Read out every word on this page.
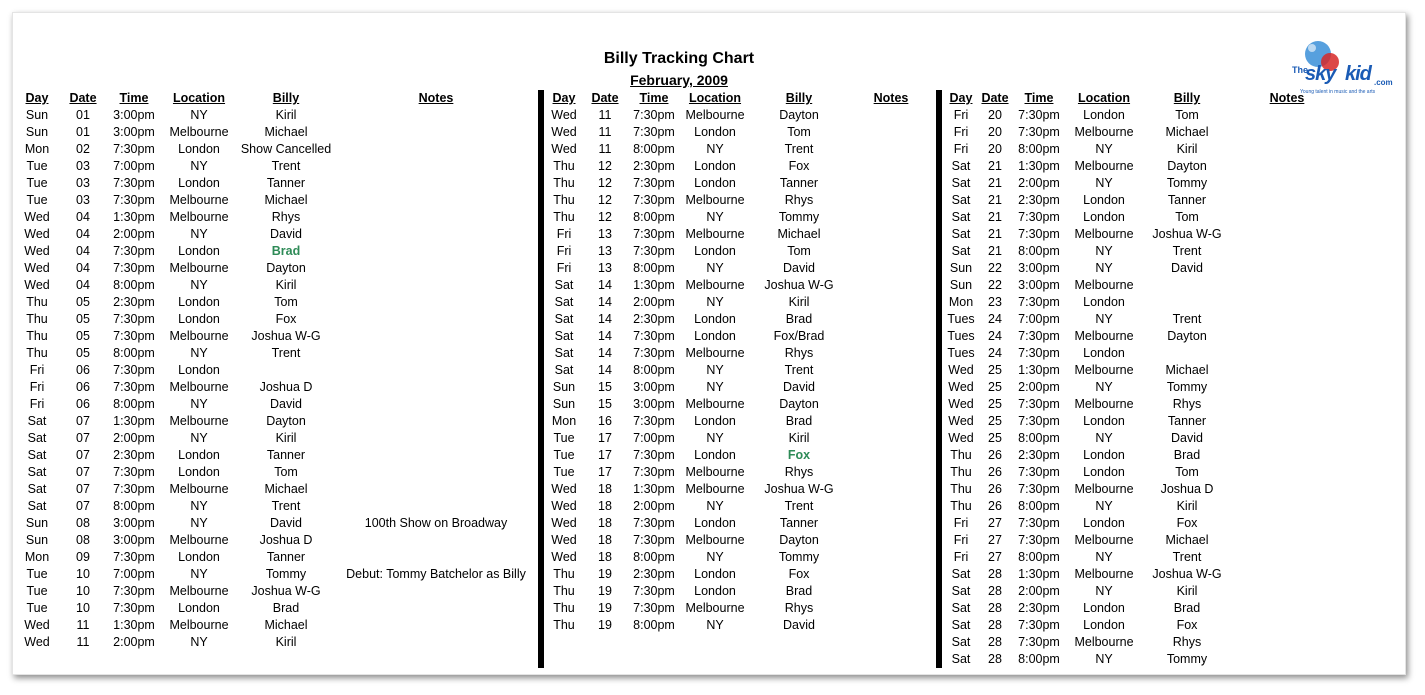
Billy Tracking Chart
February, 2009
The
sky kid .com
Young talent in music and the arts
Day	Date	Time	Location	Billy	Notes
Sun	01	3:00pm	NY	Kiril
Sun	01	3:00pm	Melbourne	Michael
Mon	02	7:30pm	London	Show Cancelled
Tue	03	7:00pm	NY	Trent
Tue	03	7:30pm	London	Tanner
Tue	03	7:30pm	Melbourne	Michael
Wed	04	1:30pm	Melbourne	Rhys
Wed	04	2:00pm	NY	David
Wed	04	7:30pm	London	Brad
Wed	04	7:30pm	Melbourne	Dayton
Wed	04	8:00pm	NY	Kiril
Thu	05	2:30pm	London	Tom
Thu	05	7:30pm	London	Fox
Thu	05	7:30pm	Melbourne	Joshua W-G
Thu	05	8:00pm	NY	Trent
Fri	06	7:30pm	London
Fri	06	7:30pm	Melbourne	Joshua D
Fri	06	8:00pm	NY	David
Sat	07	1:30pm	Melbourne	Dayton
Sat	07	2:00pm	NY	Kiril
Sat	07	2:30pm	London	Tanner
Sat	07	7:30pm	London	Tom
Sat	07	7:30pm	Melbourne	Michael
Sat	07	8:00pm	NY	Trent
Sun	08	3:00pm	NY	David	100th Show on Broadway
Sun	08	3:00pm	Melbourne	Joshua D
Mon	09	7:30pm	London	Tanner
Tue	10	7:00pm	NY	Tommy	Debut: Tommy Batchelor as Billy
Tue	10	7:30pm	Melbourne	Joshua W-G
Tue	10	7:30pm	London	Brad
Wed	11	1:30pm	Melbourne	Michael
Wed	11	2:00pm	NY	Kiril
Day	Date	Time	Location	Billy	Notes
Wed	11	7:30pm Melbourne	Dayton
Wed	11	7:30pm	London	Tom
Wed	11	8:00pm	NY	Trent
Thu	12	2:30pm	London	Fox
Thu	12	7:30pm	London	Tanner
Thu	12	7:30pm Melbourne	Rhys
Thu	12	8:00pm	NY	Tommy
Fri	13	7:30pm Melbourne	Michael
Fri	13	7:30pm	London	Tom
Fri	13	8:00pm	NY	David
Sat	14	1:30pm Melbourne	Joshua W-G
Sat	14	2:00pm	NY	Kiril
Sat	14	2:30pm	London	Brad
Sat	14	7:30pm	London	Fox/Brad
Sat	14	7:30pm Melbourne	Rhys
Sat	14	8:00pm	NY	Trent
Sun	15	3:00pm	NY	David
Sun	15	3:00pm Melbourne	Dayton
Mon	16	7:30pm	London	Brad
Tue	17	7:00pm	NY	Kiril
Tue	17	7:30pm	London	Fox
Tue	17	7:30pm Melbourne	Rhys
Wed	18	1:30pm Melbourne	Joshua W-G
Wed	18	2:00pm	NY	Trent
Wed	18	7:30pm	London	Tanner
Wed	18	7:30pm Melbourne	Dayton
Wed	18	8:00pm	NY	Tommy
Thu	19	2:30pm	London	Fox
Thu	19	7:30pm	London	Brad
Thu	19	7:30pm Melbourne	Rhys
Thu	19	8:00pm	NY	David
Day Date	Time	Location	Billy	Notes
Fri	20	7:30pm	London	Tom
Fri	20	7:30pm	Melbourne	Michael
Fri	20	8:00pm	NY	Kiril
Sat	21	1:30pm	Melbourne	Dayton
Sat	21	2:00pm	NY	Tommy
Sat	21	2:30pm	London	Tanner
Sat	21	7:30pm	London	Tom
Sat	21	7:30pm	Melbourne	Joshua W-G
Sat	21	8:00pm	NY	Trent
Sun	22	3:00pm	NY	David
Sun	22	3:00pm	Melbourne
Mon	23	7:30pm	London
Tues	24	7:00pm	NY	Trent
Tues	24	7:30pm	Melbourne	Dayton
Tues	24	7:30pm	London
Wed	25	1:30pm	Melbourne	Michael
Wed	25	2:00pm	NY	Tommy
Wed	25	7:30pm	Melbourne	Rhys
Wed	25	7:30pm	London	Tanner
Wed	25	8:00pm	NY	David
Thu	26	2:30pm	London	Brad
Thu	26	7:30pm	London	Tom
Thu	26	7:30pm	Melbourne	Joshua D
Thu	26	8:00pm	NY	Kiril
Fri	27	7:30pm	London	Fox
Fri	27	7:30pm	Melbourne	Michael
Fri	27	8:00pm	NY	Trent
Sat	28	1:30pm	Melbourne	Joshua W-G
Sat	28	2:00pm	NY	Kiril
Sat	28	2:30pm	London	Brad
Sat	28	7:30pm	London	Fox
Sat	28	7:30pm	Melbourne	Rhys
Sat	28	8:00pm	NY	Tommy
